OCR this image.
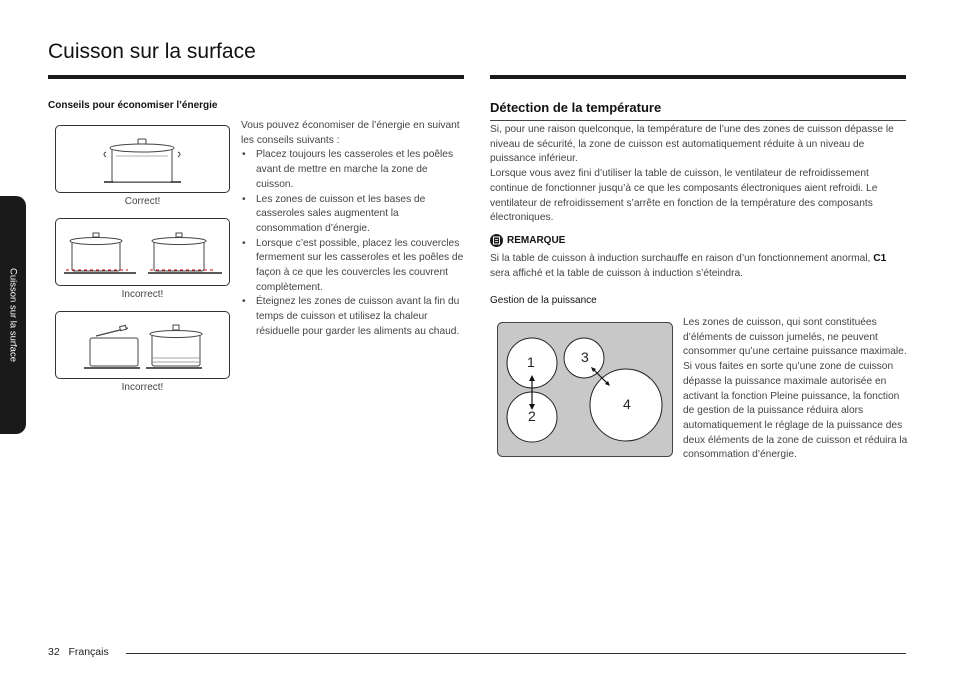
Cuisson sur la surface
Cuisson sur la surface
Conseils pour économiser l’énergie
Correct!
Incorrect!
Incorrect!

Vous pouvez économiser de l’énergie en suivant les conseils suivants :

• Placez toujours les casseroles et les poêles avant de mettre en marche la zone de cuisson.
• Les zones de cuisson et les bases de casseroles sales augmentent la consommation d’énergie.
• Lorsque c’est possible, placez les couvercles fermement sur les casseroles et les poêles de façon à ce que les couvercles les couvrent complètement.
• Éteignez les zones de cuisson avant la fin du temps de cuisson et utilisez la chaleur résiduelle pour garder les aliments au chaud.
Détection de la température

Si, pour une raison quelconque, la température de l’une des zones de cuisson dépasse le niveau de sécurité, la zone de cuisson est automatiquement réduite à un niveau de puissance inférieur.

Lorsque vous avez fini d’utiliser la table de cuisson, le ventilateur de refroidissement continue de fonctionner jusqu’à ce que les composants électroniques aient refroidi. Le ventilateur de refroidissement s’arrête en fonction de la température des composants électroniques.

REMARQUE
Si la table de cuisson à induction surchauffe en raison d’un fonctionnement anormal, C1 sera affiché et la table de cuisson à induction s’éteindra.
Gestion de la puissance
1
2
3
4

Les zones de cuisson, qui sont constituées d’éléments de cuisson jumelés, ne peuvent consommer qu’une certaine puissance maximale.

Si vous faites en sorte qu’une zone de cuisson dépasse la puissance maximale autorisée en activant la fonction Pleine puissance, la fonction de gestion de la puissance réduira alors automatiquement le réglage de la puissance des deux éléments de la zone de cuisson et réduira la consommation d’énergie.

32 Français
